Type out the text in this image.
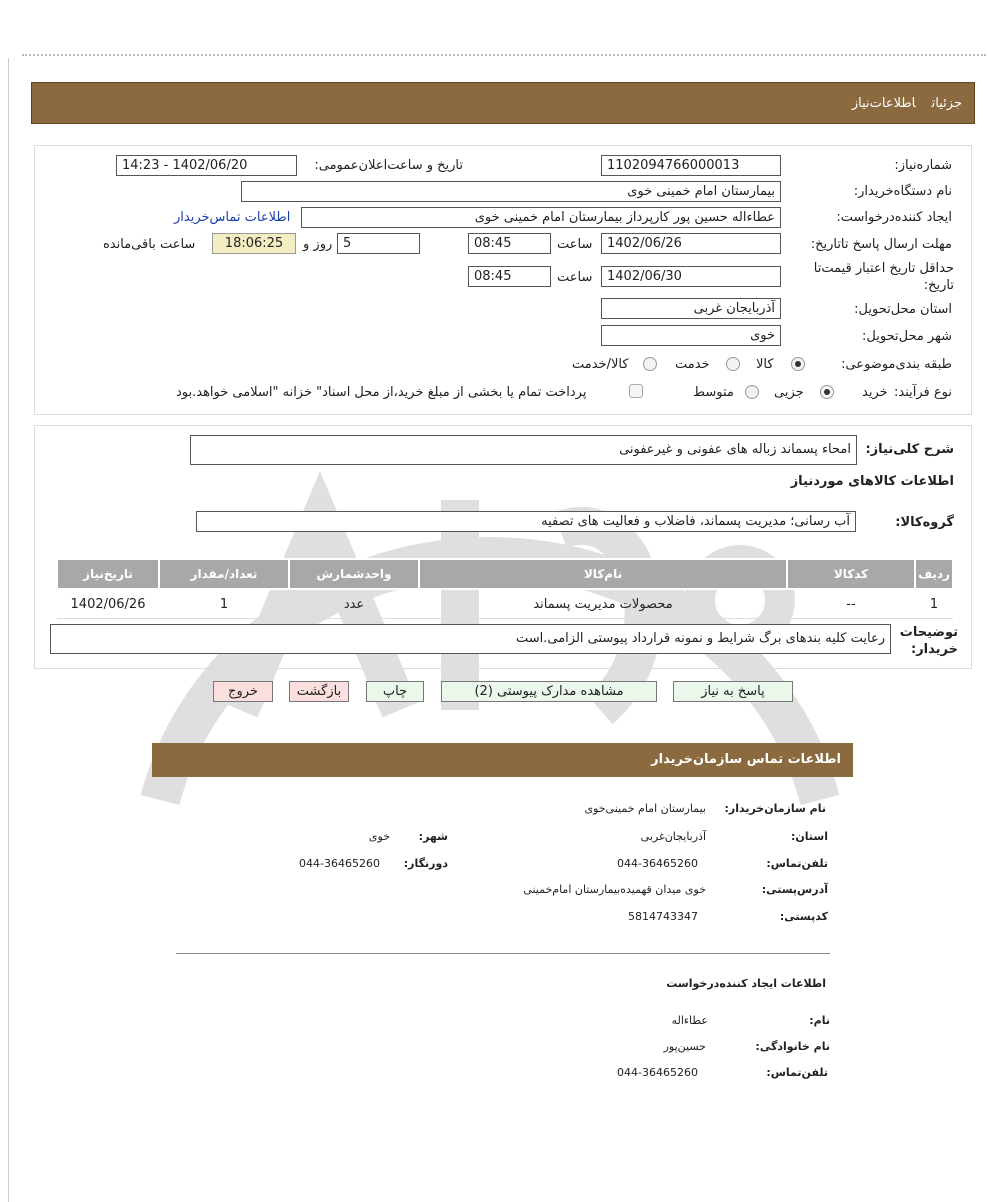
جزئیاتاطلاعات‌نیاز
شماره‌نیاز:
1102094766000013
تاریخ و ساعت‌اعلان‌عمومی:
1402/06/20 - 14:23
نام دستگاه‌خریدار:
بیمارستان امام خمینی خوی
ایجاد کننده‌درخواست:
عطاءاله حسین پور کارپرداز بیمارستان امام خمینی خوی
اطلاعات تماس‌خریدار
مهلت ارسال پاسخ تا‌تاریخ:
1402/06/26
ساعت
08:45
5
روز و
18:06:25
ساعت باقی‌مانده
حداقل تاریخ اعتبار قیمت‌تا تاریخ:
1402/06/30
ساعت
08:45
استان محل‌تحویل:
آذربایجان غربی
شهر محل‌تحویل:
خوی
طبقه بندی‌موضوعی:
کالا
خدمت
کالا/خدمت
نوع فرآیند:
خرید
جزیی
متوسط
پرداخت تمام یا بخشی از مبلغ خرید،از محل اسناد" خزانه "اسلامی خواهد.بود
شرح کلی‌نیاز:
امحاء پسماند زباله های عفونی و غیرعفونی
اطلاعات کالاهای موردنیاز
گروه‌کالا:
آب رسانی؛ مدیریت پسماند، فاضلاب و فعالیت های تصفیه
ردیف	کدکالا	نام‌کالا	واحدشمارش	تعداد/مقدار	تاریخ‌نیاز
1	--	محصولات مدیریت پسماند	عدد	1	1402/06/26
توضیحات خریدار:
رعایت کلیه بندهای برگ شرایط و نمونه قرارداد پیوستی الزامی.است
پاسخ به نیاز
مشاهده مدارک پیوستی (2)
چاپ
بازگشت
خروج
اطلاعات تماس سازمان‌خریدار
نام سازمان‌خریدار:
بیمارستان امام خمینی‌خوی
استان:
آذربایجان‌غربی
شهر:
خوی
تلفن‌تماس:
044-36465260
دورنگار:
044-36465260
آدرس‌پستی:
خوی میدان قهمیده‌بیمارستان امام‌خمینی
کد‌پستی:
5814743347
اطلاعات ایجاد کننده‌درخواست
نام:
عطاءاله
نام خانوادگی:
حسین‌پور
تلفن‌تماس:
044-36465260
